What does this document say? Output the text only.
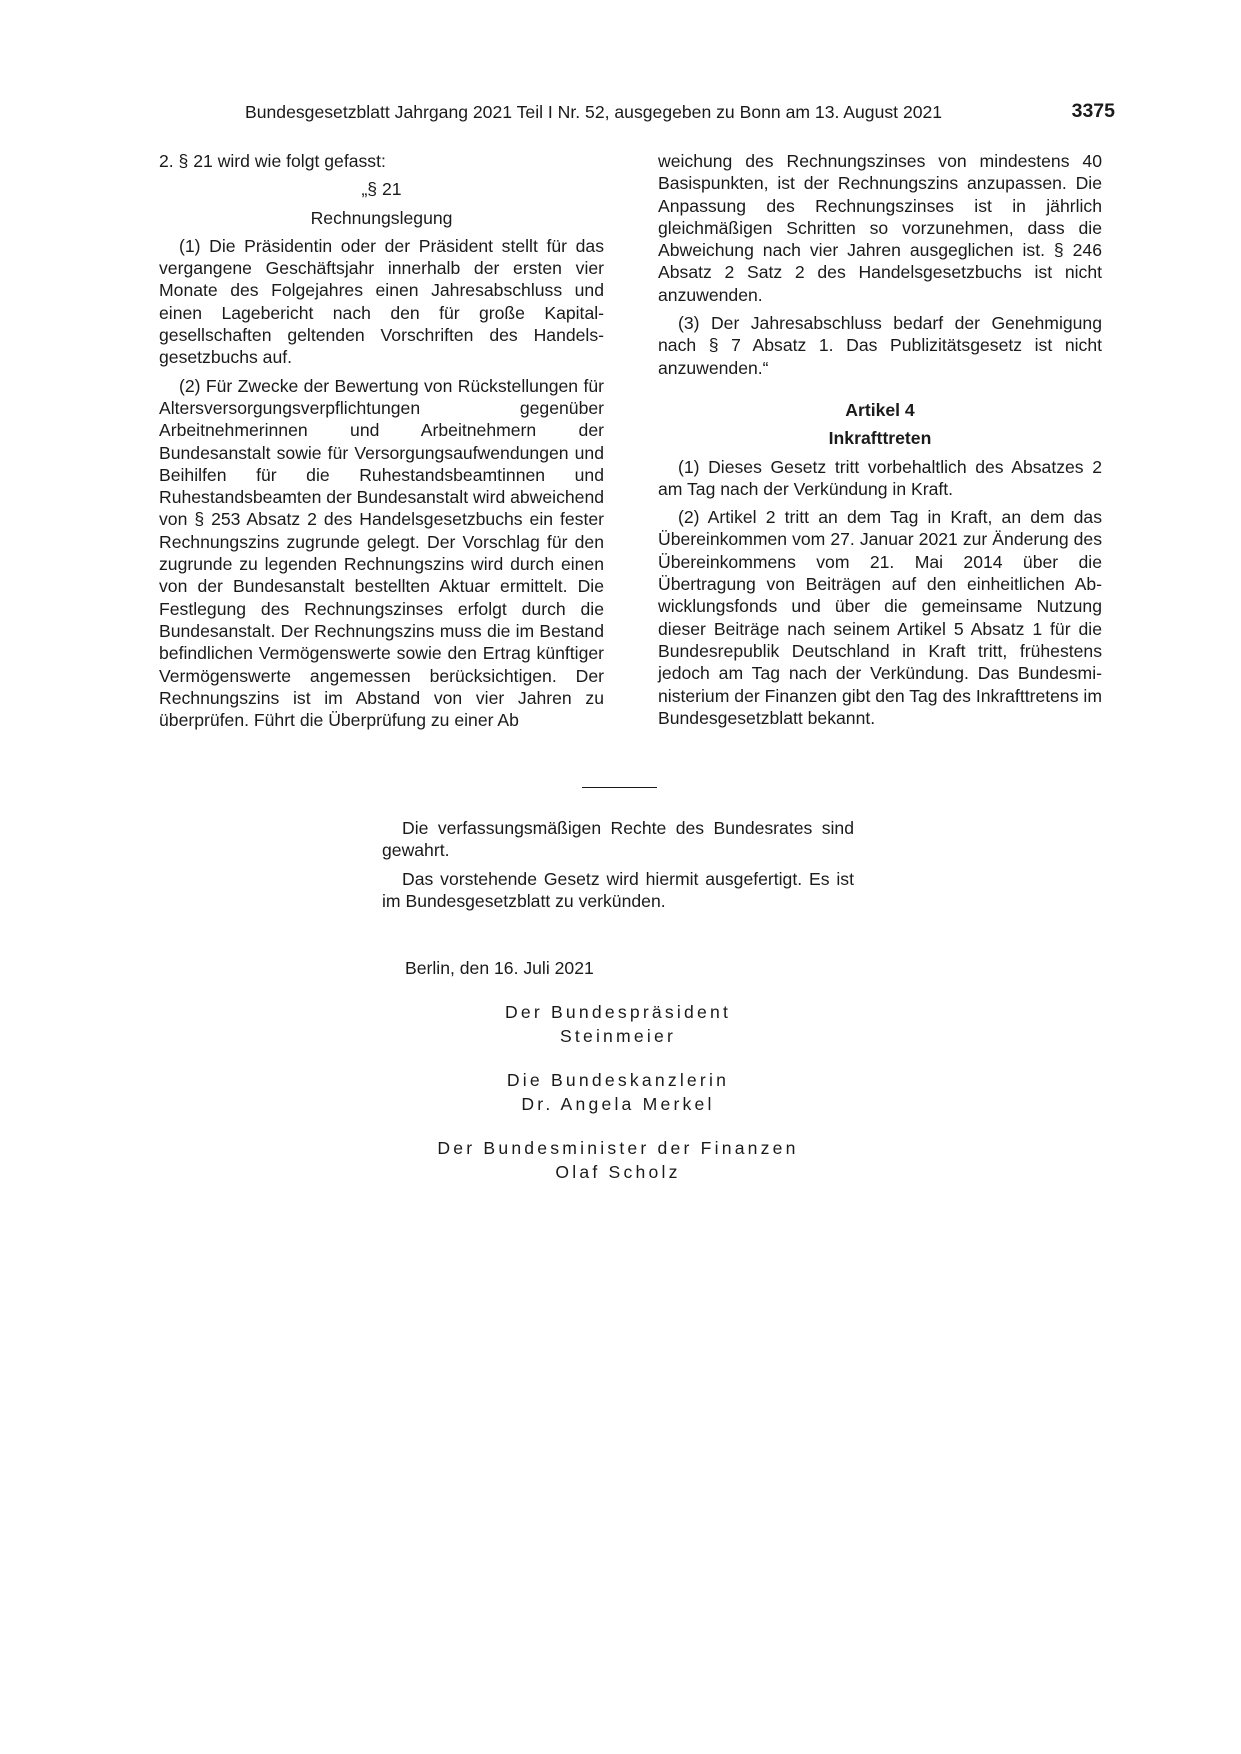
Bundesgesetzblatt Jahrgang 2021 Teil I Nr. 52, ausgegeben zu Bonn am 13. August 2021	3375

2. § 21 wird wie folgt gefasst:

„§ 21

Rechnungslegung

(1) Die Präsidentin oder der Präsident stellt für das vergangene Geschäftsjahr innerhalb der ersten vier Monate des Folgejahres einen Jahresabschluss und einen Lagebericht nach den für große Kapitalgesellschaften geltenden Vorschriften des Handelsgesetzbuchs auf.

(2) Für Zwecke der Bewertung von Rückstellungen für Altersversorgungsverpflichtungen gegenüber Arbeitnehmerinnen und Arbeitnehmern der Bundesanstalt sowie für Versorgungsaufwendungen und Beihilfen für die Ruhestandsbeamtinnen und Ruhestandsbeamten der Bundesanstalt wird abweichend von § 253 Absatz 2 des Handelsgesetzbuchs ein fester Rechnungszins zugrunde gelegt. Der Vorschlag für den zugrunde zu legenden Rechnungszins wird durch einen von der Bundesanstalt bestellten Aktuar ermittelt. Die Festlegung des Rechnungszinses erfolgt durch die Bundesanstalt. Der Rechnungszins muss die im Bestand befindlichen Vermögenswerte sowie den Ertrag künftiger Vermögenswerte angemessen berücksichtigen. Der Rechnungszins ist im Abstand von vier Jahren zu überprüfen. Führt die Überprüfung zu einer Ab

weichung des Rechnungszinses von mindestens 40 Basispunkten, ist der Rechnungszins anzupassen. Die Anpassung des Rechnungszinses ist in jährlich gleichmäßigen Schritten so vorzunehmen, dass die Abweichung nach vier Jahren ausgeglichen ist. § 246 Absatz 2 Satz 2 des Handelsgesetzbuchs ist nicht anzuwenden.

(3) Der Jahresabschluss bedarf der Genehmigung nach § 7 Absatz 1. Das Publizitätsgesetz ist nicht anzuwenden.“

Artikel 4

Inkrafttreten

(1) Dieses Gesetz tritt vorbehaltlich des Absatzes 2 am Tag nach der Verkündung in Kraft.

(2) Artikel 2 tritt an dem Tag in Kraft, an dem das Übereinkommen vom 27. Januar 2021 zur Änderung des Übereinkommens vom 21. Mai 2014 über die Übertragung von Beiträgen auf den einheitlichen Abwicklungsfonds und über die gemeinsame Nutzung dieser Beiträge nach seinem Artikel 5 Absatz 1 für die Bundesrepublik Deutschland in Kraft tritt, frühestens jedoch am Tag nach der Verkündung. Das Bundesministerium der Finanzen gibt den Tag des Inkrafttretens im Bundesgesetzblatt bekannt.

Die verfassungsmäßigen Rechte des Bundesrates sind gewahrt.

Das vorstehende Gesetz wird hiermit ausgefertigt. Es ist im Bundesgesetzblatt zu verkünden.

Berlin, den 16. Juli 2021
Der Bundespräsident
Steinmeier
Die Bundeskanzlerin
Dr. Angela Merkel
Der Bundesminister der Finanzen
Olaf Scholz
